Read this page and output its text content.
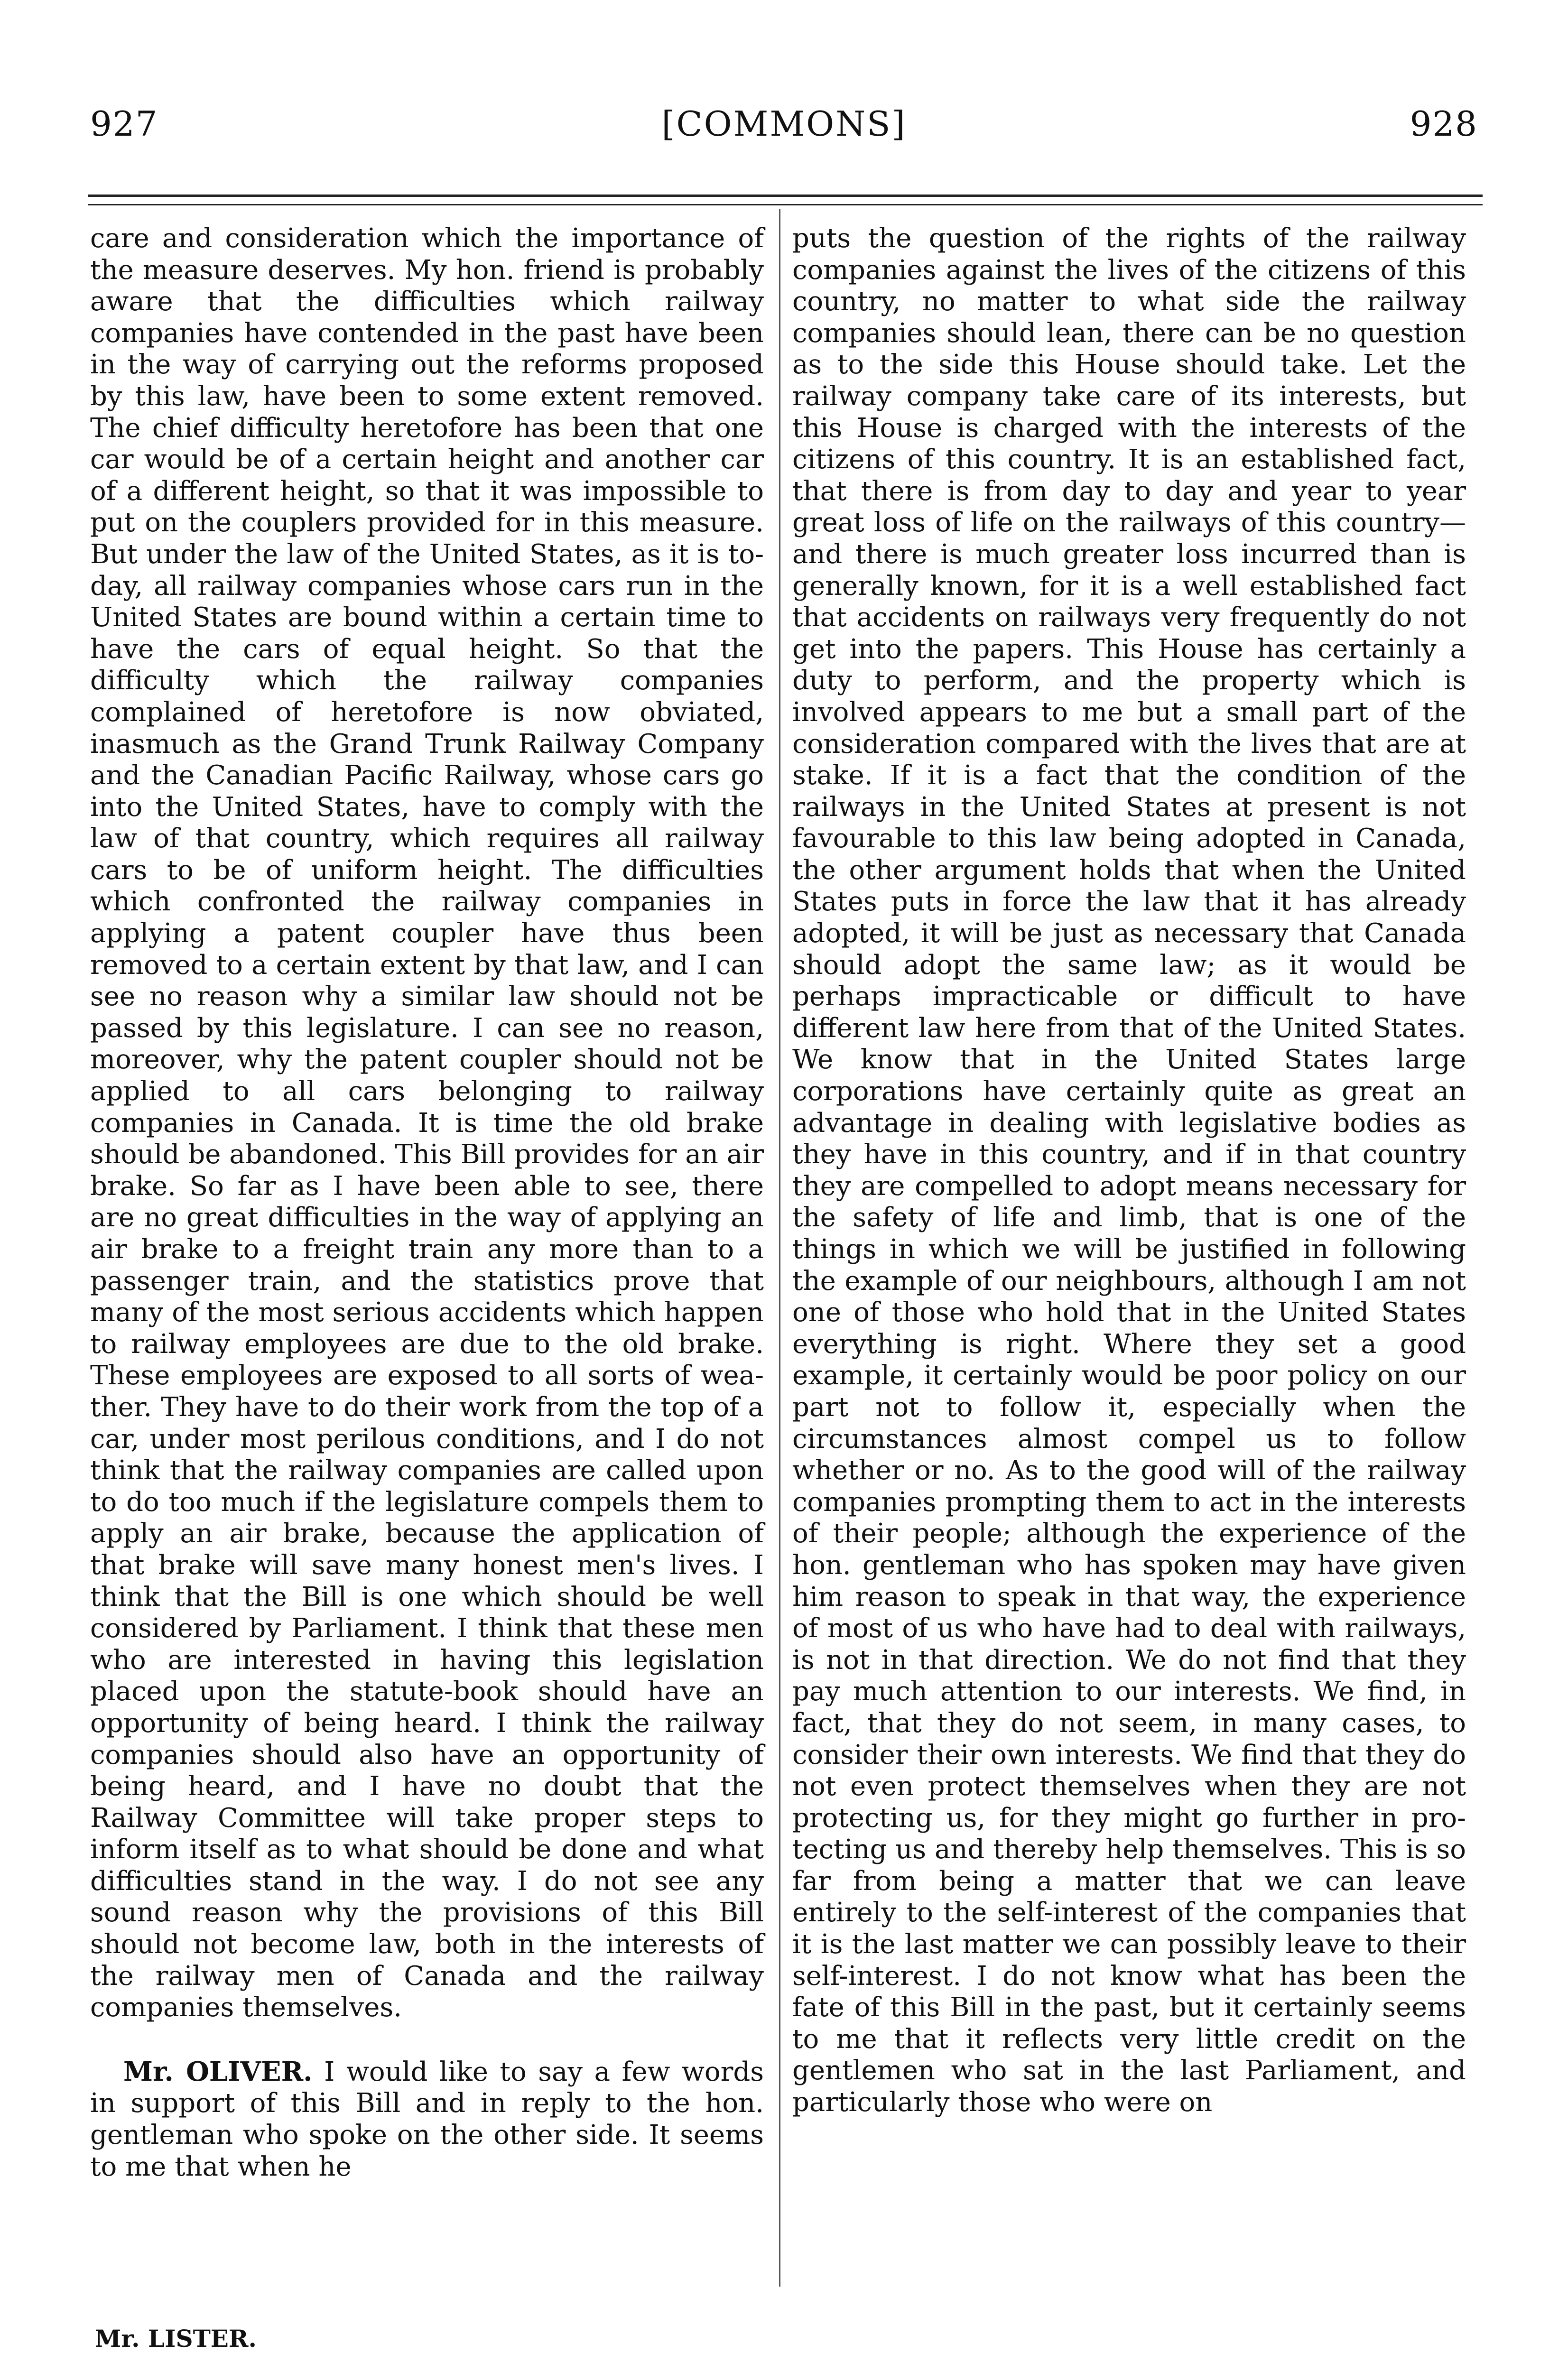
927	[COMMONS]	928

care and consideration which the importance of the measure deserves. My hon. friend is probably aware that the difficulties which railway companies have contended in the past have been in the way of carrying out the reforms proposed by this law, have been to some extent removed. The chief difficulty heretofore has been that one car would be of a certain height and another car of a different height, so that it was impossible to put on the couplers provided for in this measure. But under the law of the United States, as it is to-day, all railway companies whose cars run in the United States are bound within a certain time to have the cars of equal height. So that the difficulty which the railway companies complained of heretofore is now obviated, inasmuch as the Grand Trunk Railway Company and the Canadian Pacific Railway, whose cars go into the United States, have to comply with the law of that country, which requires all railway cars to be of uniform height. The difficulties which confronted the railway companies in applying a patent coupler have thus been removed to a certain extent by that law, and I can see no reason why a similar law should not be passed by this legislature. I can see no reason, moreover, why the patent coupler should not be applied to all cars belonging to railway companies in Canada. It is time the old brake should be abandoned. This Bill provides for an air brake. So far as I have been able to see, there are no great difficulties in the way of applying an air brake to a freight train any more than to a passenger train, and the statistics prove that many of the most serious accidents which happen to railway employees are due to the old brake. These employees are exposed to all sorts of weather. They have to do their work from the top of a car, under most perilous conditions, and I do not think that the railway companies are called upon to do too much if the legislature compels them to apply an air brake, because the application of that brake will save many honest men's lives. I think that the Bill is one which should be well considered by Parliament. I think that these men who are interested in having this legislation placed upon the statute-book should have an opportunity of being heard. I think the railway companies should also have an opportunity of being heard, and I have no doubt that the Railway Committee will take proper steps to inform itself as to what should be done and what difficulties stand in the way. I do not see any sound reason why the provisions of this Bill should not become law, both in the interests of the railway men of Canada and the railway companies themselves.

Mr. OLIVER. I would like to say a few words in support of this Bill and in reply to the hon. gentleman who spoke on the other side. It seems to me that when he

puts the question of the rights of the railway companies against the lives of the citizens of this country, no matter to what side the railway companies should lean, there can be no question as to the side this House should take. Let the railway company take care of its interests, but this House is charged with the interests of the citizens of this country. It is an established fact, that there is from day to day and year to year great loss of life on the railways of this country—and there is much greater loss incurred than is generally known, for it is a well established fact that accidents on railways very frequently do not get into the papers. This House has certainly a duty to perform, and the property which is involved appears to me but a small part of the consideration compared with the lives that are at stake. If it is a fact that the condition of the railways in the United States at present is not favourable to this law being adopted in Canada, the other argument holds that when the United States puts in force the law that it has already adopted, it will be just as necessary that Canada should adopt the same law; as it would be perhaps impracticable or difficult to have different law here from that of the United States. We know that in the United States large corporations have certainly quite as great an advantage in dealing with legislative bodies as they have in this country, and if in that country they are compelled to adopt means necessary for the safety of life and limb, that is one of the things in which we will be justified in following the example of our neighbours, although I am not one of those who hold that in the United States everything is right. Where they set a good example, it certainly would be poor policy on our part not to follow it, especially when the circumstances almost compel us to follow whether or no. As to the good will of the railway companies prompting them to act in the interests of their people; although the experience of the hon. gentleman who has spoken may have given him reason to speak in that way, the experience of most of us who have had to deal with railways, is not in that direction. We do not find that they pay much attention to our interests. We find, in fact, that they do not seem, in many cases, to consider their own interests. We find that they do not even protect themselves when they are not protecting us, for they might go further in protecting us and thereby help themselves. This is so far from being a matter that we can leave entirely to the self-interest of the companies that it is the last matter we can possibly leave to their self-interest. I do not know what has been the fate of this Bill in the past, but it certainly seems to me that it reflects very little credit on the gentlemen who sat in the last Parliament, and particularly those who were on

Mr. LISTER.
